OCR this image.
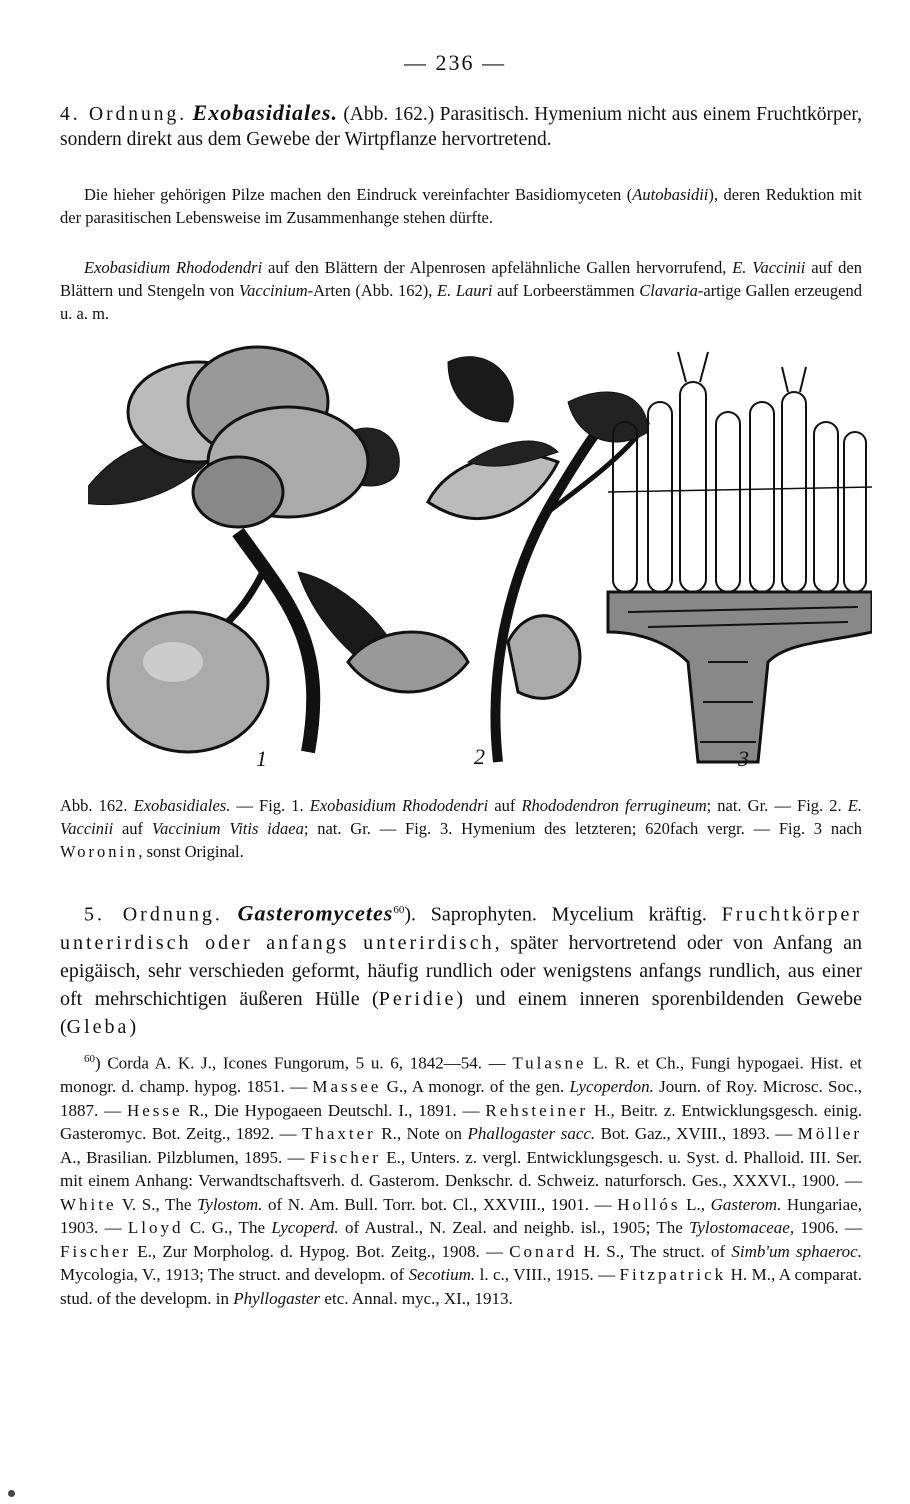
— 236 —
4. Ordnung. Exobasidiales. (Abb. 162.) Parasitisch. Hymenium nicht aus einem Fruchtkörper, sondern direkt aus dem Gewebe der Wirtpflanze hervortretend.
Die hieher gehörigen Pilze machen den Eindruck vereinfachter Basidiomyceten (Autobasidii), deren Reduktion mit der parasitischen Lebensweise im Zusammenhange stehen dürfte.
Exobasidium Rhododendri auf den Blättern der Alpenrosen apfelähnliche Gallen hervorrufend, E. Vaccinii auf den Blättern und Stengeln von Vaccinium-Arten (Abb. 162), E. Lauri auf Lorbeerstämmen Clavaria-artige Gallen erzeugend u. a. m.
2
1	3
Abb. 162. Exobasidiales. — Fig. 1. Exobasidium Rhododendri auf Rhododendron ferrugineum; nat. Gr. — Fig. 2. E. Vaccinii auf Vaccinium Vitis idaea; nat. Gr. — Fig. 3. Hymenium des letzteren; 620fach vergr. — Fig. 3 nach Woronin, sonst Original.
5. Ordnung. Gasteromycetes$^{60}$). Saprophyten. Mycelium kräftig. Fruchtkörper unterirdisch oder anfangs unterirdisch, später hervortretend oder von Anfang an epigäisch, sehr verschieden geformt, häufig rundlich oder wenigstens anfangs rundlich, aus einer oft mehrschichtigen äußeren Hülle (Peridie) und einem inneren sporenbildenden Gewebe (Gleba)
$^{60}$) Corda A. K. J., Icones Fungorum, 5 u. 6, 1842—54. — Tulasne L. R. et Ch., Fungi hypogaei. Hist. et monogr. d. champ. hypog. 1851. — Massee G., A monogr. of the gen. Lycoperdon. Journ. of Roy. Microsc. Soc., 1887. — Hesse R., Die Hypogaeen Deutschl. I., 1891. — Rehsteiner H., Beitr. z. Entwicklungsgesch. einig. Gasteromyc. Bot. Zeitg., 1892. — Thaxter R., Note on Phallogaster sacc. Bot. Gaz., XVIII., 1893. — Möller A., Brasilian. Pilzblumen, 1895. — Fischer E., Unters. z. vergl. Entwicklungsgesch. u. Syst. d. Phalloid. III. Ser. mit einem Anhang: Verwandtschaftsverh. d. Gasterom. Denkschr. d. Schweiz. naturforsch. Ges., XXXVI., 1900. — White V. S., The Tylostom. of N. Am. Bull. Torr. bot. Cl., XXVIII., 1901. — Hollós L., Gasterom. Hungariae, 1903. — Lloyd C. G., The Lycoperd. of Austral., N. Zeal. and neighb. isl., 1905; The Tylostomaceae, 1906. — Fischer E., Zur Morpholog. d. Hypog. Bot. Zeitg., 1908. — Conard H. S., The struct. of Simb'um sphaeroc. Mycologia, V., 1913; The struct. and developm. of Secotium. l. c., VIII., 1915. — Fitzpatrick H. M., A comparat. stud. of the developm. in Phyllogaster etc. Annal. myc., XI., 1913.
